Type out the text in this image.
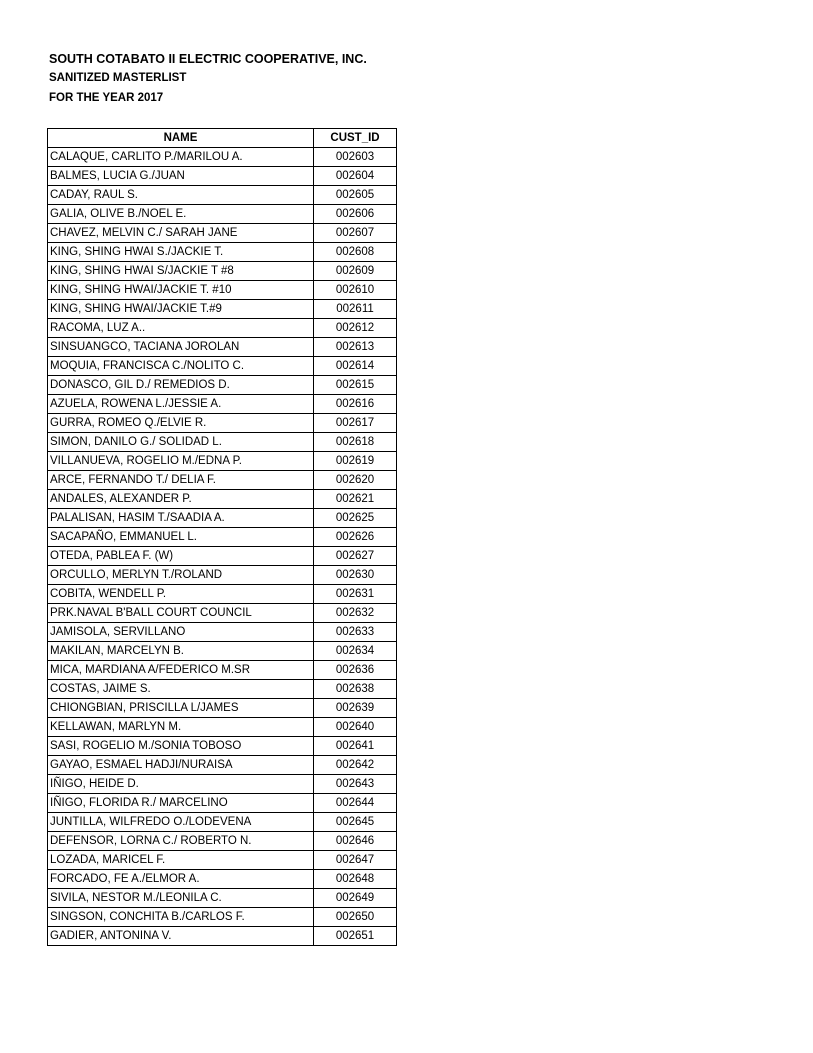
SOUTH COTABATO II ELECTRIC COOPERATIVE, INC.
SANITIZED MASTERLIST
FOR THE YEAR 2017
NAME	CUST_ID
CALAQUE, CARLITO P./MARILOU A.	002603
BALMES, LUCIA G./JUAN	002604
CADAY, RAUL S.	002605
GALIA, OLIVE B./NOEL E.	002606
CHAVEZ, MELVIN C./ SARAH JANE	002607
KING, SHING HWAI S./JACKIE T.	002608
KING, SHING HWAI S/JACKIE T #8	002609
KING, SHING HWAI/JACKIE T. #10	002610
KING, SHING HWAI/JACKIE T.#9	002611
RACOMA, LUZ A..	002612
SINSUANGCO, TACIANA JOROLAN	002613
MOQUIA, FRANCISCA C./NOLITO C.	002614
DONASCO, GIL D./ REMEDIOS D.	002615
AZUELA, ROWENA L./JESSIE A.	002616
GURRA, ROMEO Q./ELVIE R.	002617
SIMON, DANILO G./ SOLIDAD L.	002618
VILLANUEVA, ROGELIO M./EDNA P.	002619
ARCE, FERNANDO T./ DELIA F.	002620
ANDALES, ALEXANDER P.	002621
PALALISAN, HASIM T./SAADIA A.	002625
SACAPAÑO, EMMANUEL L.	002626
OTEDA, PABLEA F. (W)	002627
ORCULLO, MERLYN T./ROLAND	002630
COBITA, WENDELL P.	002631
PRK.NAVAL B'BALL COURT COUNCIL	002632
JAMISOLA, SERVILLANO	002633
MAKILAN, MARCELYN B.	002634
MICA, MARDIANA A/FEDERICO M.SR	002636
COSTAS, JAIME S.	002638
CHIONGBIAN, PRISCILLA L/JAMES	002639
KELLAWAN, MARLYN M.	002640
SASI, ROGELIO M./SONIA TOBOSO	002641
GAYAO, ESMAEL HADJI/NURAISA	002642
IÑIGO, HEIDE D.	002643
IÑIGO, FLORIDA R./ MARCELINO	002644
JUNTILLA, WILFREDO O./LODEVENA	002645
DEFENSOR, LORNA C./ ROBERTO N.	002646
LOZADA, MARICEL F.	002647
FORCADO, FE A./ELMOR A.	002648
SIVILA, NESTOR M./LEONILA C.	002649
SINGSON, CONCHITA B./CARLOS F.	002650
GADIER, ANTONINA V.	002651
